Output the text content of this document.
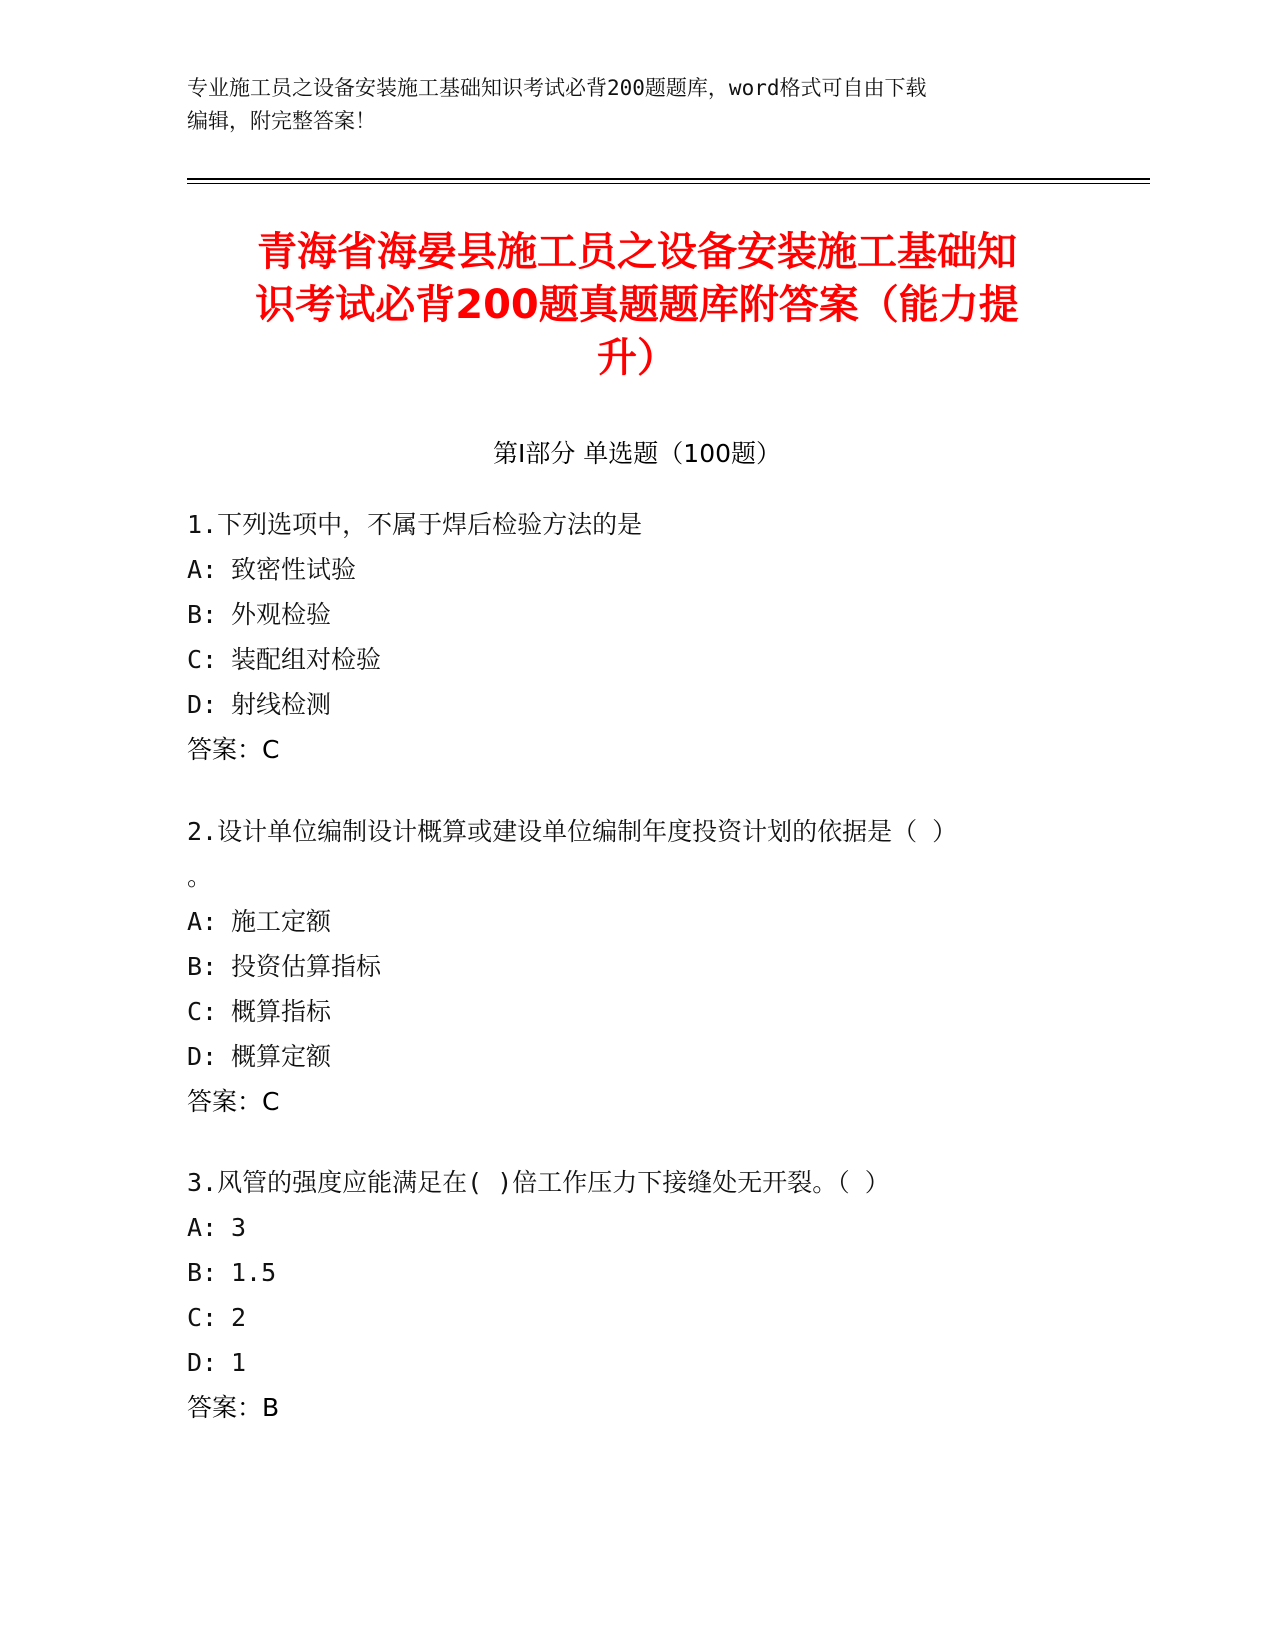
专业施工员之设备安装施工基础知识考试必背200题题库，word格式可自由下载
编辑，附完整答案！
青海省海晏县施工员之设备安装施工基础知
识考试必背200题真题题库附答案（能力提
升）
第Ⅰ部分 单选题（100题）
1.下列选项中，不属于焊后检验方法的是
A: 致密性试验
B: 外观检验
C: 装配组对检验
D: 射线检测
答案：C
2.设计单位编制设计概算或建设单位编制年度投资计划的依据是（ ）
。
A: 施工定额
B: 投资估算指标
C: 概算指标
D: 概算定额
答案：C
3.风管的强度应能满足在( )倍工作压力下接缝处无开裂。（ ）
A: 3
B: 1.5
C: 2
D: 1
答案：B
